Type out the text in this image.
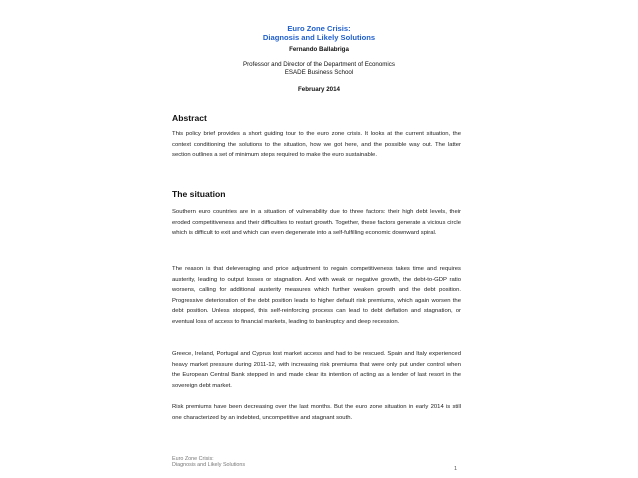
Euro Zone Crisis:
Diagnosis and Likely Solutions
Fernando Ballabriga
Professor and Director of the Department of Economics
ESADE Business School
February 2014
Abstract

This policy brief provides a short guiding tour to the euro zone crisis. It looks at the current situation, the context conditioning the solutions to the situation, how we got here, and the possible way out. The latter section outlines a set of minimum steps required to make the euro sustainable.

The situation

Southern euro countries are in a situation of vulnerability due to three factors: their high debt levels, their eroded competitiveness and their difficulties to restart growth. Together, these factors generate a vicious circle which is difficult to exit and which can even degenerate into a self-fulfilling economic downward spiral.

The reason is that deleveraging and price adjustment to regain competitiveness takes time and requires austerity, leading to output losses or stagnation. And with weak or negative growth, the debt-to-GDP ratio worsens, calling for additional austerity measures which further weaken growth and the debt position. Progressive deterioration of the debt position leads to higher default risk premiums, which again worsen the debt position. Unless stopped, this self-reinforcing process can lead to debt deflation and stagnation, or eventual loss of access to financial markets, leading to bankruptcy and deep recession.

Greece, Ireland, Portugal and Cyprus lost market access and had to be rescued. Spain and Italy experienced heavy market pressure during 2011-12, with increasing risk premiums that were only put under control when the European Central Bank stepped in and made clear its intention of acting as a lender of last resort in the sovereign debt market.

Risk premiums have been decreasing over the last months. But the euro zone situation in early 2014 is still one characterized by an indebted, uncompetitive and stagnant south.

Euro Zone Crisis:
Diagnosis and Likely Solutions
1
